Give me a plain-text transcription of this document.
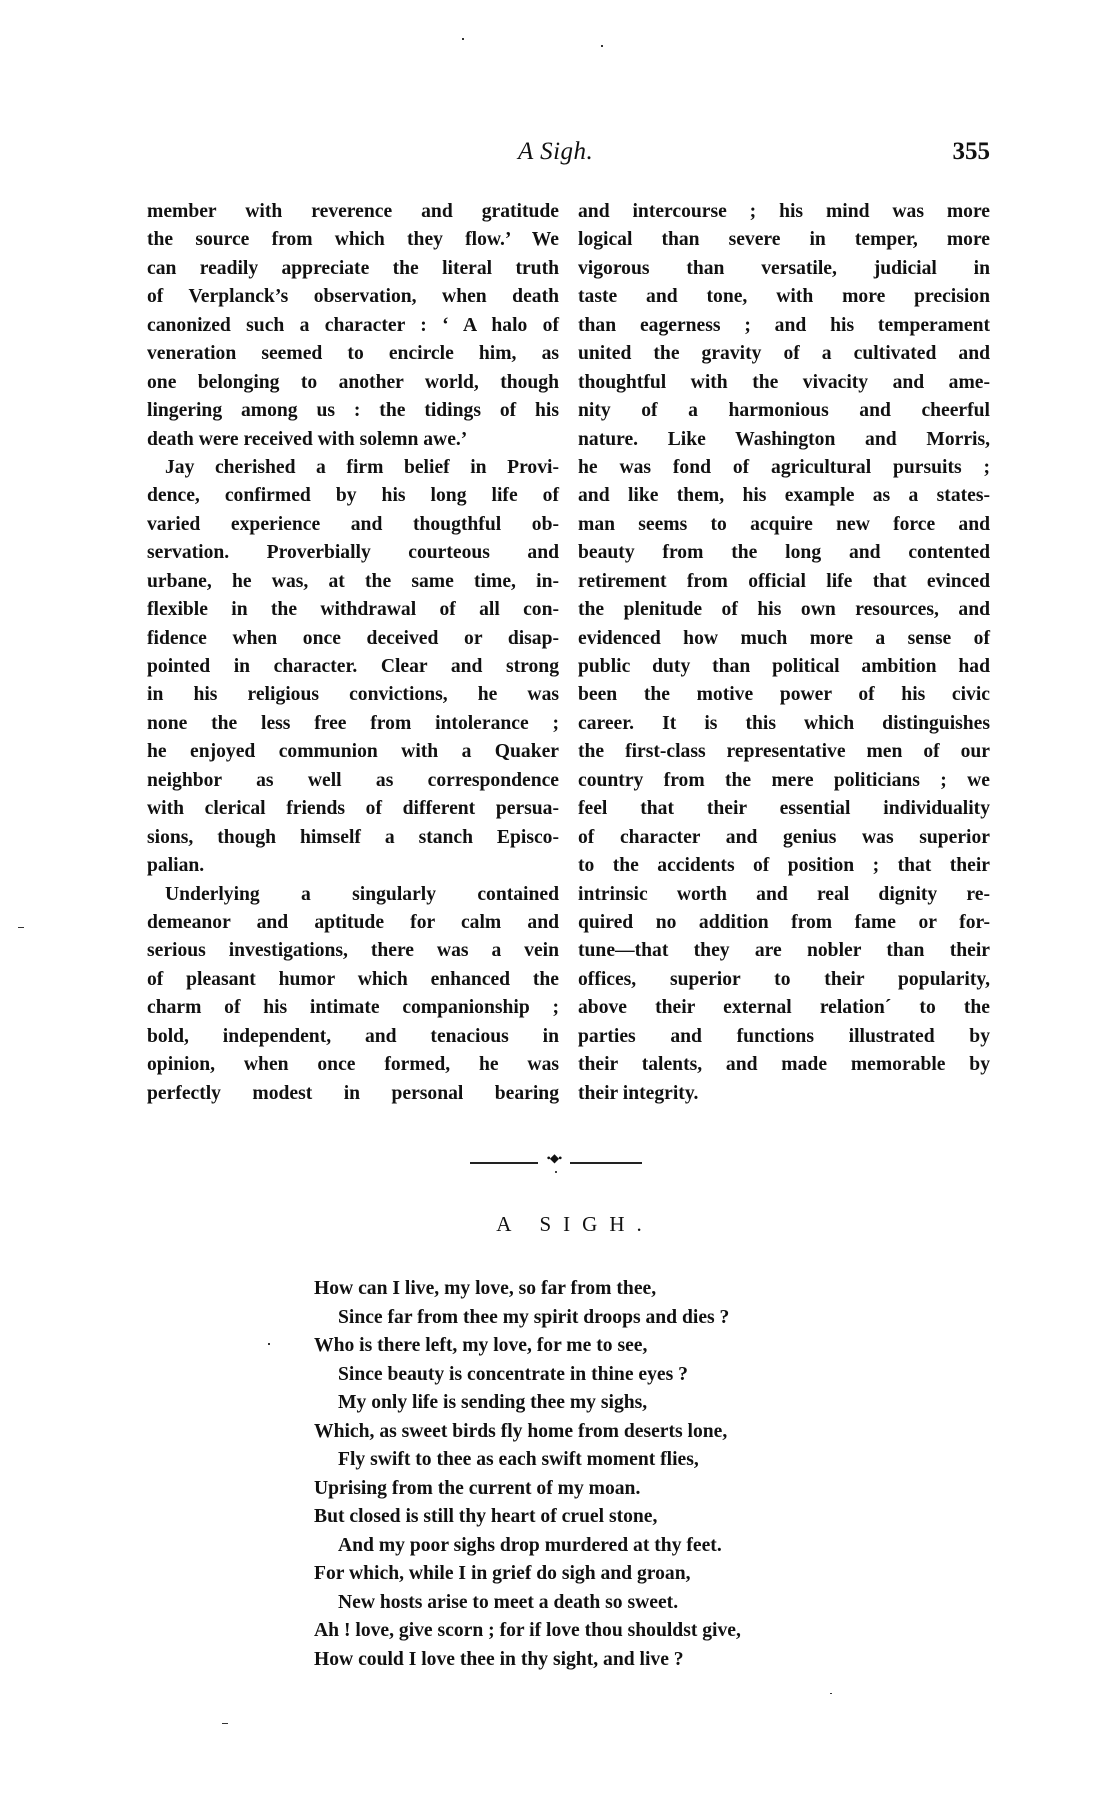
A Sigh.	355
member with reverence and gratitude
the source from which they flow.’ We
can readily appreciate the literal truth
of Verplanck’s observation, when death
canonized such a character : ‘ A halo of
veneration seemed to encircle him, as
one belonging to another world, though
lingering among us : the tidings of his
death were received with solemn awe.’
Jay cherished a firm belief in Provi-
dence, confirmed by his long life of
varied experience and thougthful ob-
servation. Proverbially courteous and
urbane, he was, at the same time, in-
flexible in the withdrawal of all con-
fidence when once deceived or disap-
pointed in character. Clear and strong
in his religious convictions, he was
none the less free from intolerance ;
he enjoyed communion with a Quaker
neighbor as well as correspondence
with clerical friends of different persua-
sions, though himself a stanch Episco-
palian.
Underlying a singularly contained
demeanor and aptitude for calm and
serious investigations, there was a vein
of pleasant humor which enhanced the
charm of his intimate companionship ;
bold, independent, and tenacious in
opinion, when once formed, he was
perfectly modest in personal bearing
and intercourse ; his mind was more
logical than severe in temper, more
vigorous than versatile, judicial in
taste and tone, with more precision
than eagerness ; and his temperament
united the gravity of a cultivated and
thoughtful with the vivacity and ame-
nity of a harmonious and cheerful
nature. Like Washington and Morris,
he was fond of agricultural pursuits ;
and like them, his example as a states-
man seems to acquire new force and
beauty from the long and contented
retirement from official life that evinced
the plenitude of his own resources, and
evidenced how much more a sense of
public duty than political ambition had
been the motive power of his civic
career. It is this which distinguishes
the first-class representative men of our
country from the mere politicians ; we
feel that their essential individuality
of character and genius was superior
to the accidents of position ; that their
intrinsic worth and real dignity re-
quired no addition from fame or for-
tune—that they are nobler than their
offices, superior to their popularity,
above their external relation´ to the
parties and functions illustrated by
their talents, and made memorable by
their integrity.
•◆•
A SIGH.
How can I live, my love, so far from thee,
Since far from thee my spirit droops and dies ?
Who is there left, my love, for me to see,
Since beauty is concentrate in thine eyes ?
My only life is sending thee my sighs,
Which, as sweet birds fly home from deserts lone,
Fly swift to thee as each swift moment flies,
Uprising from the current of my moan.
But closed is still thy heart of cruel stone,
And my poor sighs drop murdered at thy feet.
For which, while I in grief do sigh and groan,
New hosts arise to meet a death so sweet.
Ah ! love, give scorn ; for if love thou shouldst give,
How could I love thee in thy sight, and live ?
